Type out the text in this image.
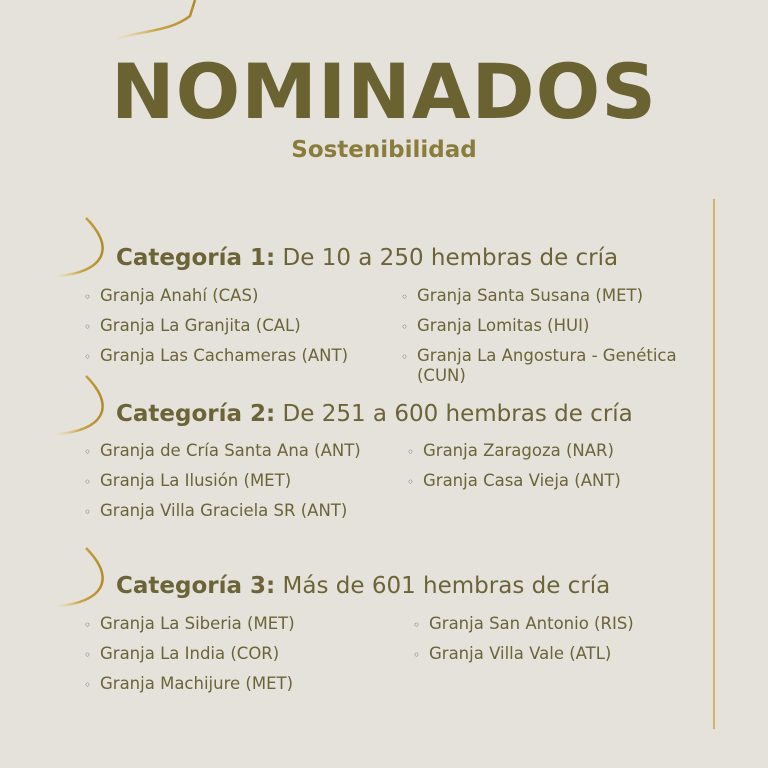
NOMINADOS
Sostenibilidad
Categoría 1: De 10 a 250 hembras de cría
◦ Granja Anahí (CAS)
◦ Granja La Granjita (CAL)
◦ Granja Las Cachameras (ANT)
◦ Granja Santa Susana (MET)
◦ Granja Lomitas (HUI)
◦ Granja La Angostura - Genética (CUN)
Categoría 2: De 251 a 600 hembras de cría
◦ Granja de Cría Santa Ana (ANT)
◦ Granja La Ilusión (MET)
◦ Granja Villa Graciela SR (ANT)
◦ Granja Zaragoza (NAR)
◦ Granja Casa Vieja (ANT)
Categoría 3: Más de 601 hembras de cría
◦ Granja La Siberia (MET)
◦ Granja La India (COR)
◦ Granja Machijure (MET)
◦ Granja San Antonio (RIS)
◦ Granja Villa Vale (ATL)
